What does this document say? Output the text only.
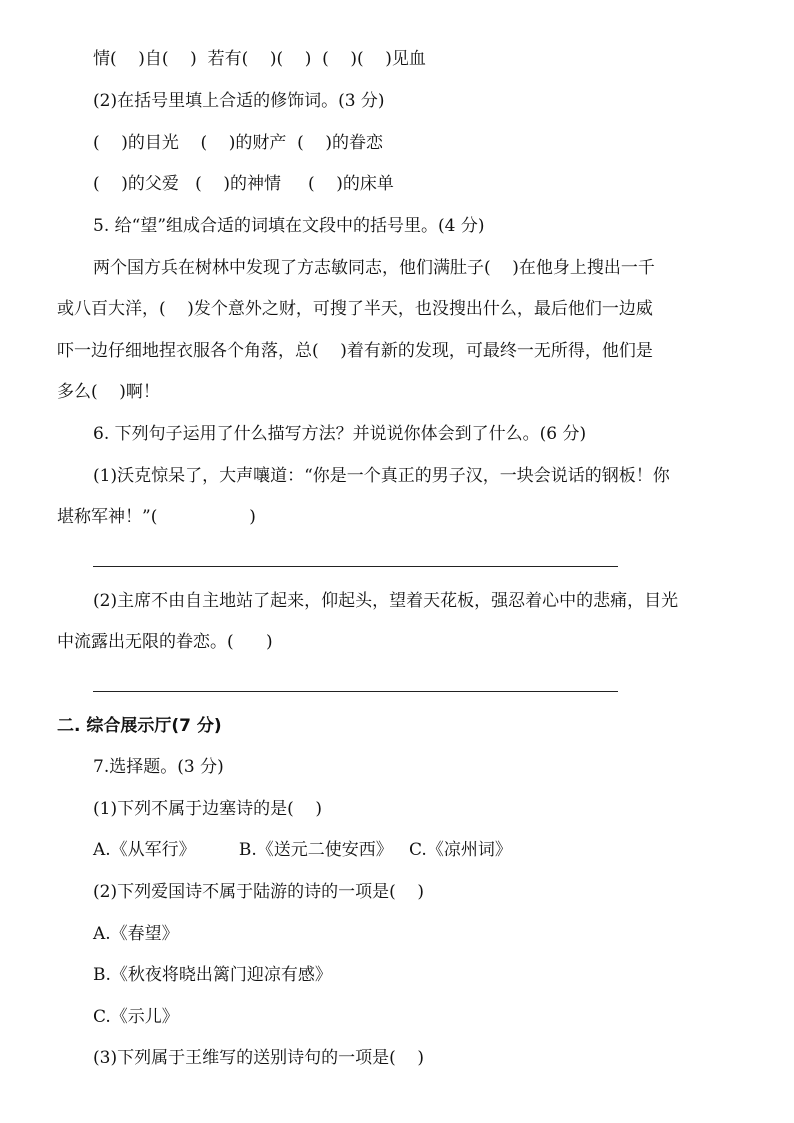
情(    )自(    )  若有(    )(    )  (    )(    )见血
(2)在括号里填上合适的修饰词。(3 分)
(    )的目光    (    )的财产  (    )的眷恋
(    )的父爱   (    )的神情     (    )的床单
5. 给“望”组成合适的词填在文段中的括号里。(4 分)
两个国方兵在树林中发现了方志敏同志，他们满肚子(    )在他身上搜出一千
或八百大洋，(    )发个意外之财，可搜了半天，也没搜出什么，最后他们一边威
吓一边仔细地捏衣服各个角落，总(    )着有新的发现，可最终一无所得，他们是
多么(    )啊！
6. 下列句子运用了什么描写方法？并说说你体会到了什么。(6 分)
(1)沃克惊呆了，大声嚷道：“你是一个真正的男子汉，一块会说话的钢板！你
堪称军神！”(                 )
(2)主席不由自主地站了起来，仰起头，望着天花板，强忍着心中的悲痛，目光
中流露出无限的眷恋。(      )
二. 综合展示厅(7 分)
7.选择题。(3 分)
(1)下列不属于边塞诗的是(    )
A.《从军行》        B.《送元二使安西》   C.《凉州词》
(2)下列爱国诗不属于陆游的诗的一项是(    )
A.《春望》
B.《秋夜将晓出篱门迎凉有感》
C.《示儿》
(3)下列属于王维写的送别诗句的一项是(    )
